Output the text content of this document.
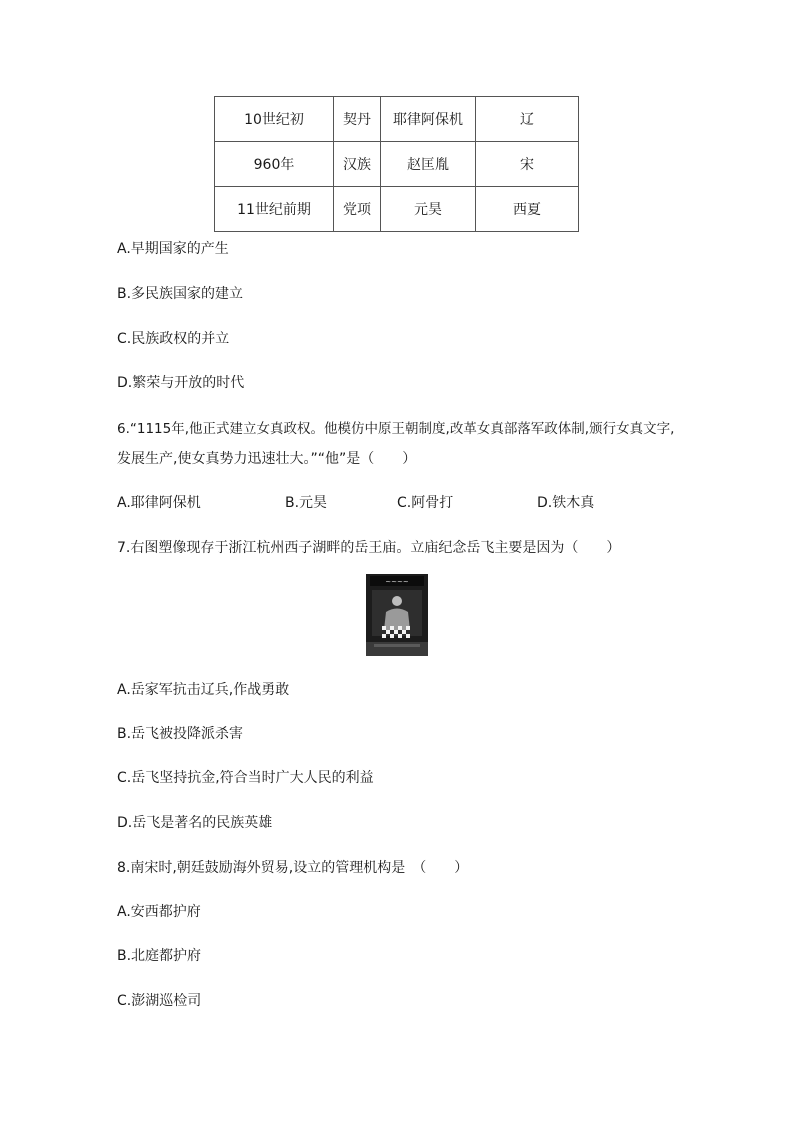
10世纪初	契丹	耶律阿保机	辽
960年	汉族	赵匡胤	宋
11世纪前期	党项	元昊	西夏
A.早期国家的产生
B.多民族国家的建立
C.民族政权的并立
D.繁荣与开放的时代
6.“1115年,他正式建立女真政权。他模仿中原王朝制度,改革女真部落军政体制,颁行女真文字,
发展生产,使女真势力迅速壮大。”“他”是（　　）
A.耶律阿保机	B.元昊	C.阿骨打	D.铁木真
7.右图塑像现存于浙江杭州西子湖畔的岳王庙。立庙纪念岳飞主要是因为（　　）
~~~~
A.岳家军抗击辽兵,作战勇敢
B.岳飞被投降派杀害
C.岳飞坚持抗金,符合当时广大人民的利益
D.岳飞是著名的民族英雄
8.南宋时,朝廷鼓励海外贸易,设立的管理机构是　（　　）
A.安西都护府
B.北庭都护府
C.澎湖巡检司
